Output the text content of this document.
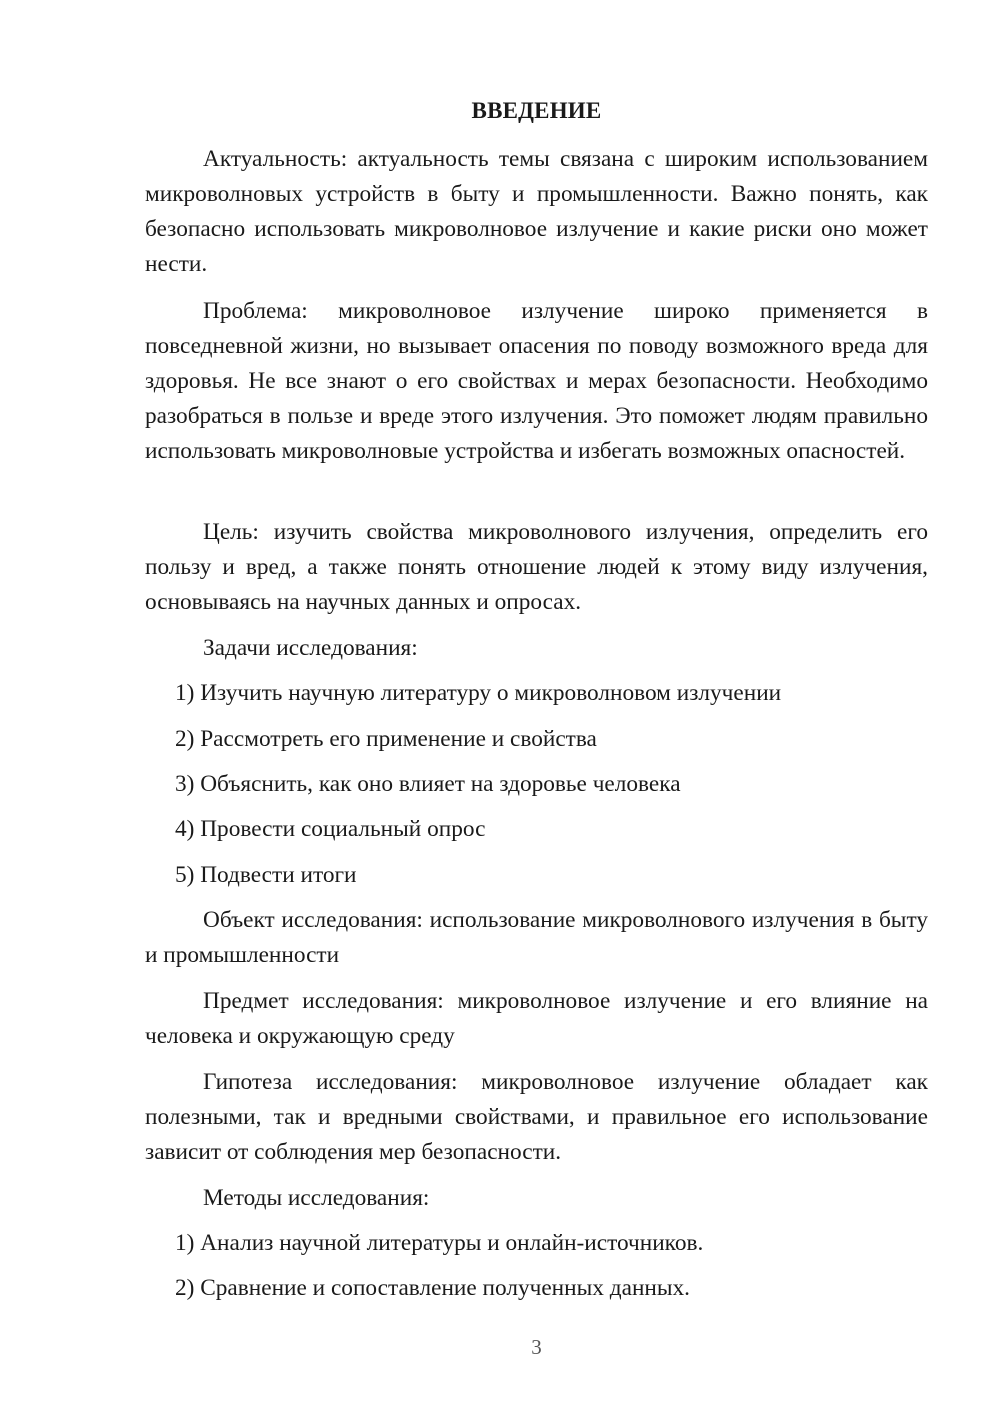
ВВЕДЕНИЕ

Актуальность: актуальность темы связана с широким использованием микроволновых устройств в быту и промышленности. Важно понять, как безопасно использовать микроволновое излучение и какие риски оно может нести.

Проблема: микроволновое излучение широко применяется в повседневной жизни, но вызывает опасения по поводу возможного вреда для здоровья. Не все знают о его свойствах и мерах безопасности. Необходимо разобраться в пользе и вреде этого излучения. Это поможет людям правильно использовать микроволновые устройства и избегать возможных опасностей.

Цель: изучить свойства микроволнового излучения, определить его пользу и вред, а также понять отношение людей к этому виду излучения, основываясь на научных данных и опросах.

Задачи исследования:
1) Изучить научную литературу о микроволновом излучении
2) Рассмотреть его применение и свойства
3) Объяснить, как оно влияет на здоровье человека
4) Провести социальный опрос
5) Подвести итоги

Объект исследования: использование микроволнового излучения в быту и промышленности

Предмет исследования: микроволновое излучение и его влияние на человека и окружающую среду

Гипотеза исследования: микроволновое излучение обладает как полезными, так и вредными свойствами, и правильное его использование зависит от соблюдения мер безопасности.

Методы исследования:
1) Анализ научной литературы и онлайн-источников.
2) Сравнение и сопоставление полученных данных.
3
